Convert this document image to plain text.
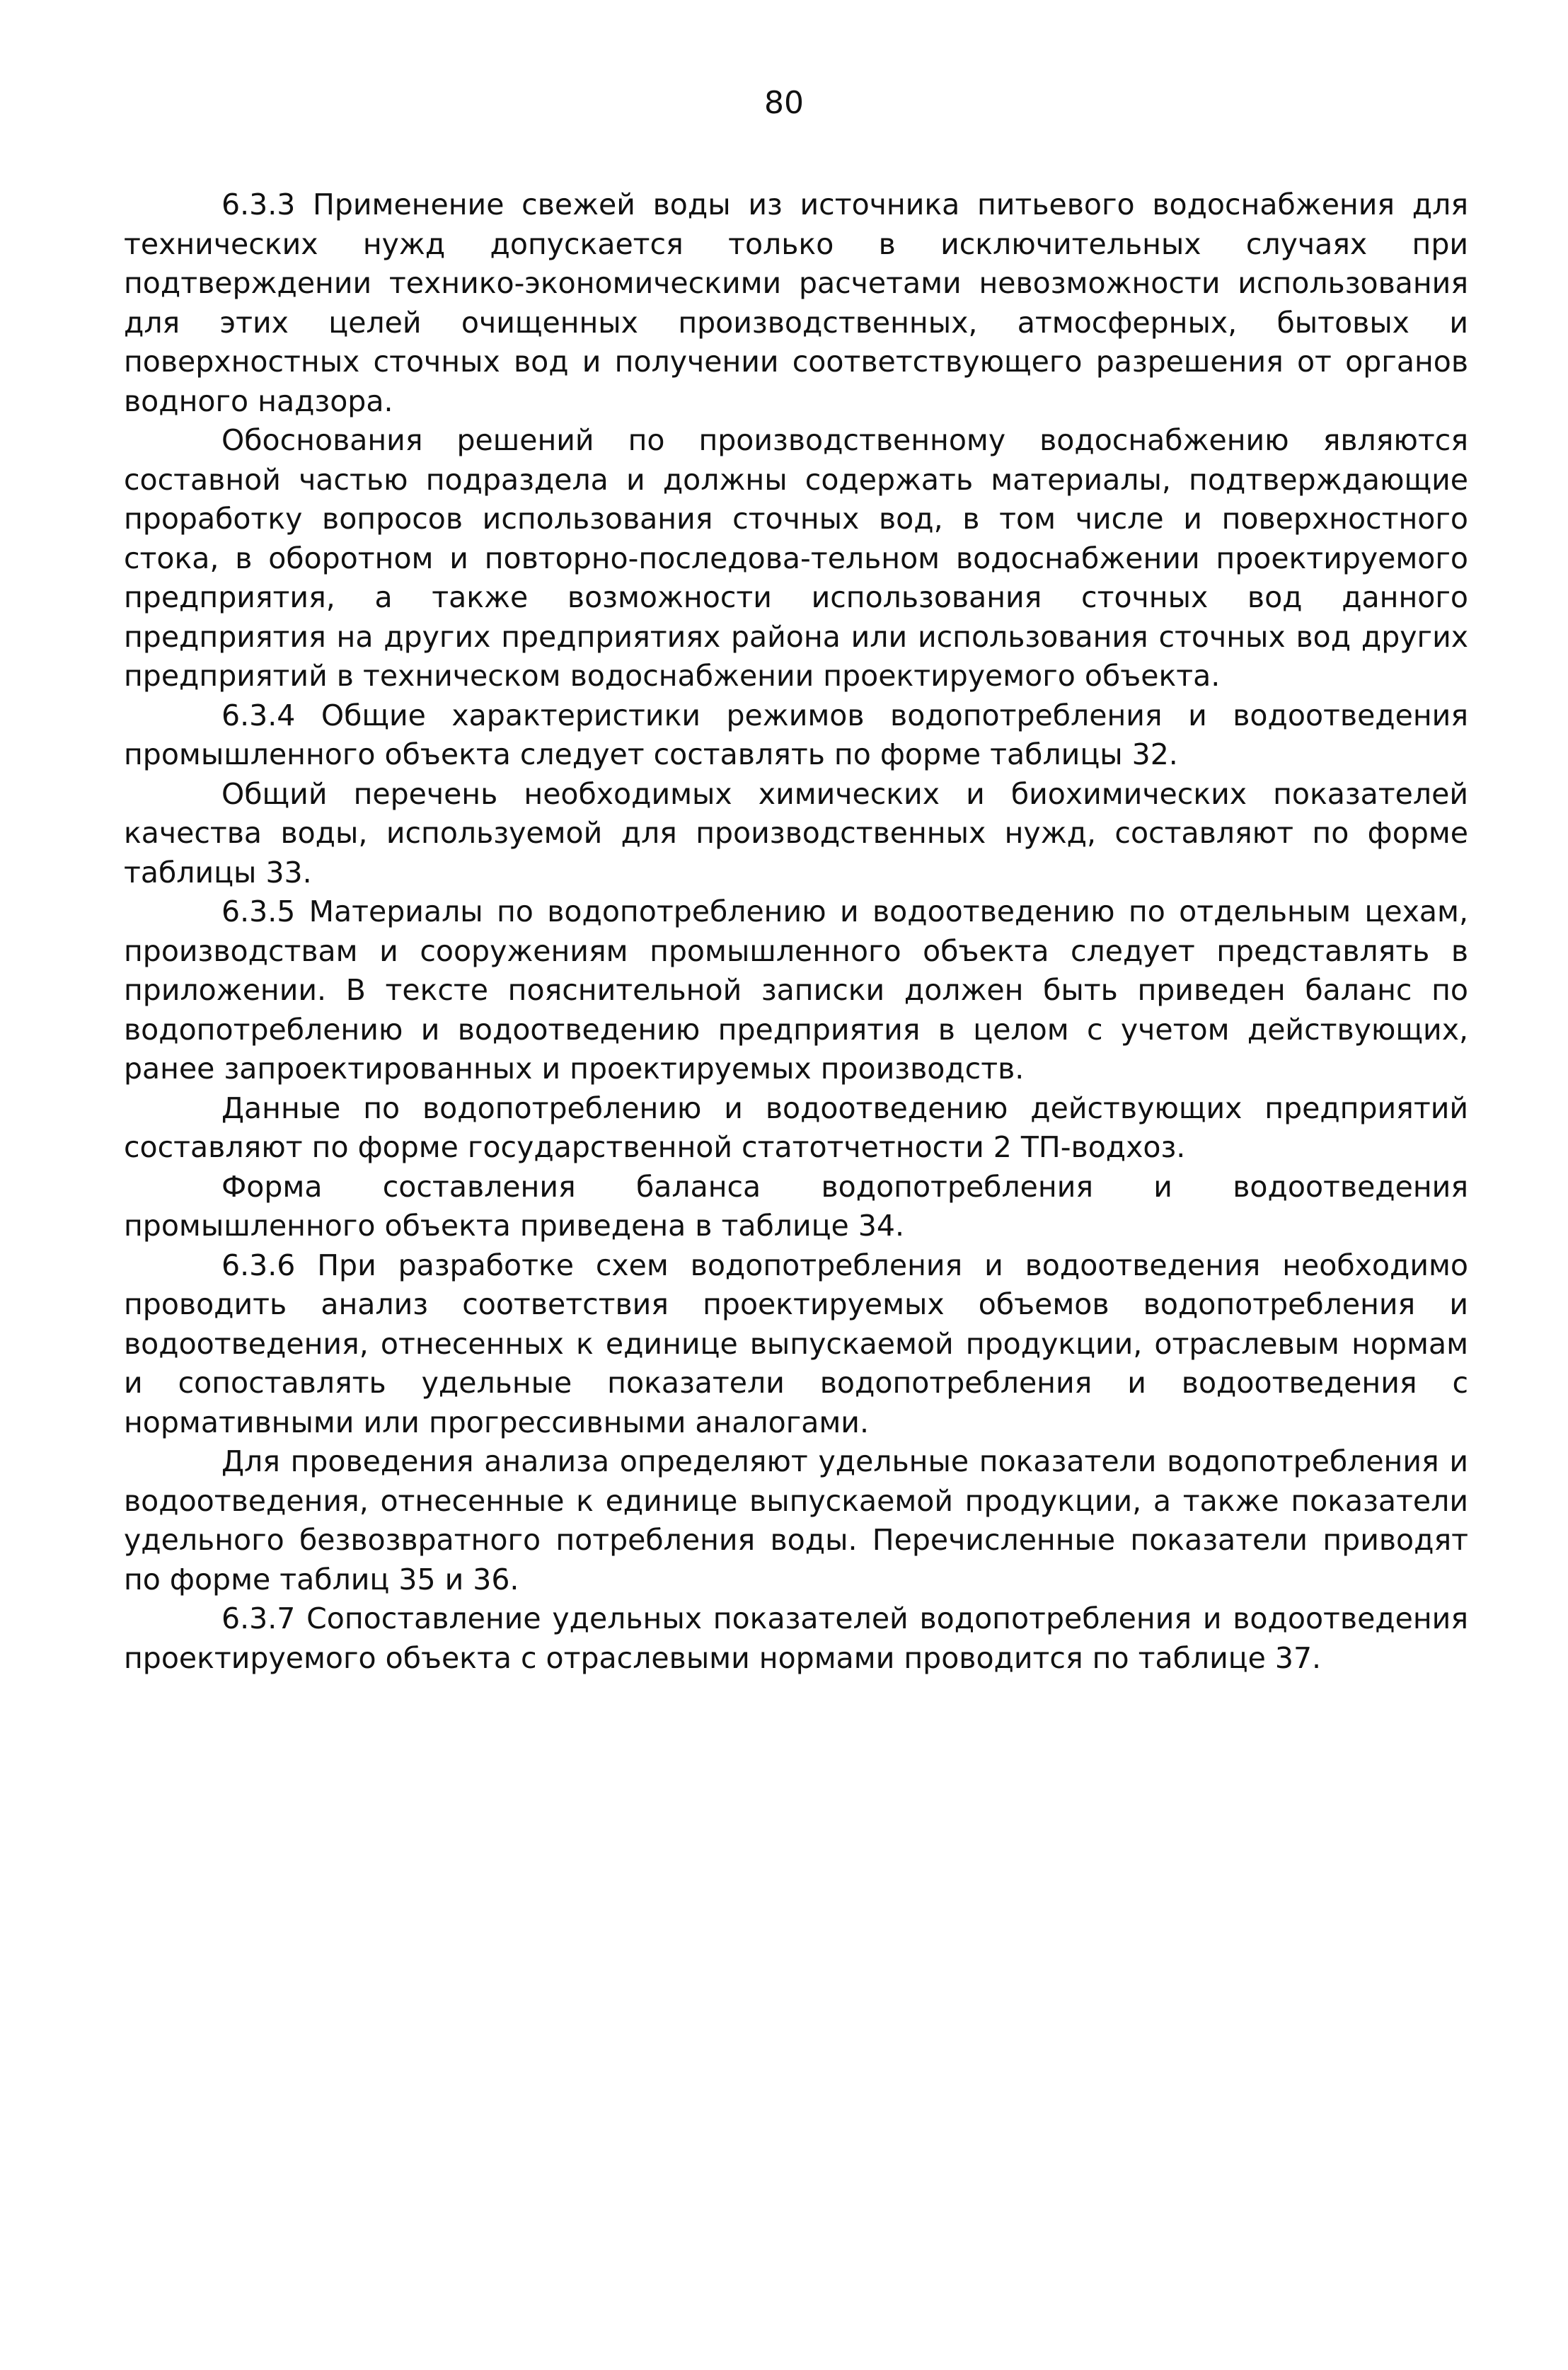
80

6.3.3 Применение свежей воды из источника питьевого водоснабжения для технических нужд допускается только в исключительных случаях при подтверждении технико-экономическими расчетами невозможности использования для этих целей очищенных производственных, атмосферных, бытовых и поверхностных сточных вод и получении соответствующего разрешения от органов водного надзора.

Обоснования решений по производственному водоснабжению являются составной частью подраздела и должны содержать материалы, подтверждающие проработку вопросов использования сточных вод, в том числе и поверхностного стока, в оборотном и повторно-последова-тельном водоснабжении проектируемого предприятия, а также возможности использования сточных вод данного предприятия на других предприятиях района или использования сточных вод других предприятий в техническом водоснабжении проектируемого объекта.

6.3.4 Общие характеристики режимов водопотребления и водоотведения промышленного объекта следует составлять по форме таблицы 32.

Общий перечень необходимых химических и биохимических показателей качества воды, используемой для производственных нужд, составляют по форме таблицы 33.

6.3.5 Материалы по водопотреблению и водоотведению по отдельным цехам, производствам и сооружениям промышленного объекта следует представлять в приложении. В тексте пояснительной записки должен быть приведен баланс по водопотреблению и водоотведению предприятия в целом с учетом действующих, ранее запроектированных и проектируемых производств.

Данные по водопотреблению и водоотведению действующих предприятий составляют по форме государственной статотчетности 2 ТП-водхоз.

Форма составления баланса водопотребления и водоотведения промышленного объекта приведена в таблице 34.

6.3.6 При разработке схем водопотребления и водоотведения необходимо проводить анализ соответствия проектируемых объемов водопотребления и водоотведения, отнесенных к единице выпускаемой продукции, отраслевым нормам и сопоставлять удельные показатели водопотребления и водоотведения с нормативными или прогрессивными аналогами.

Для проведения анализа определяют удельные показатели водопотребления и водоотведения, отнесенные к единице выпускаемой продукции, а также показатели удельного безвозвратного потребления воды. Перечисленные показатели приводят по форме таблиц 35 и 36.

6.3.7 Сопоставление удельных показателей водопотребления и водоотведения проектируемого объекта с отраслевыми нормами проводится по таблице 37.
